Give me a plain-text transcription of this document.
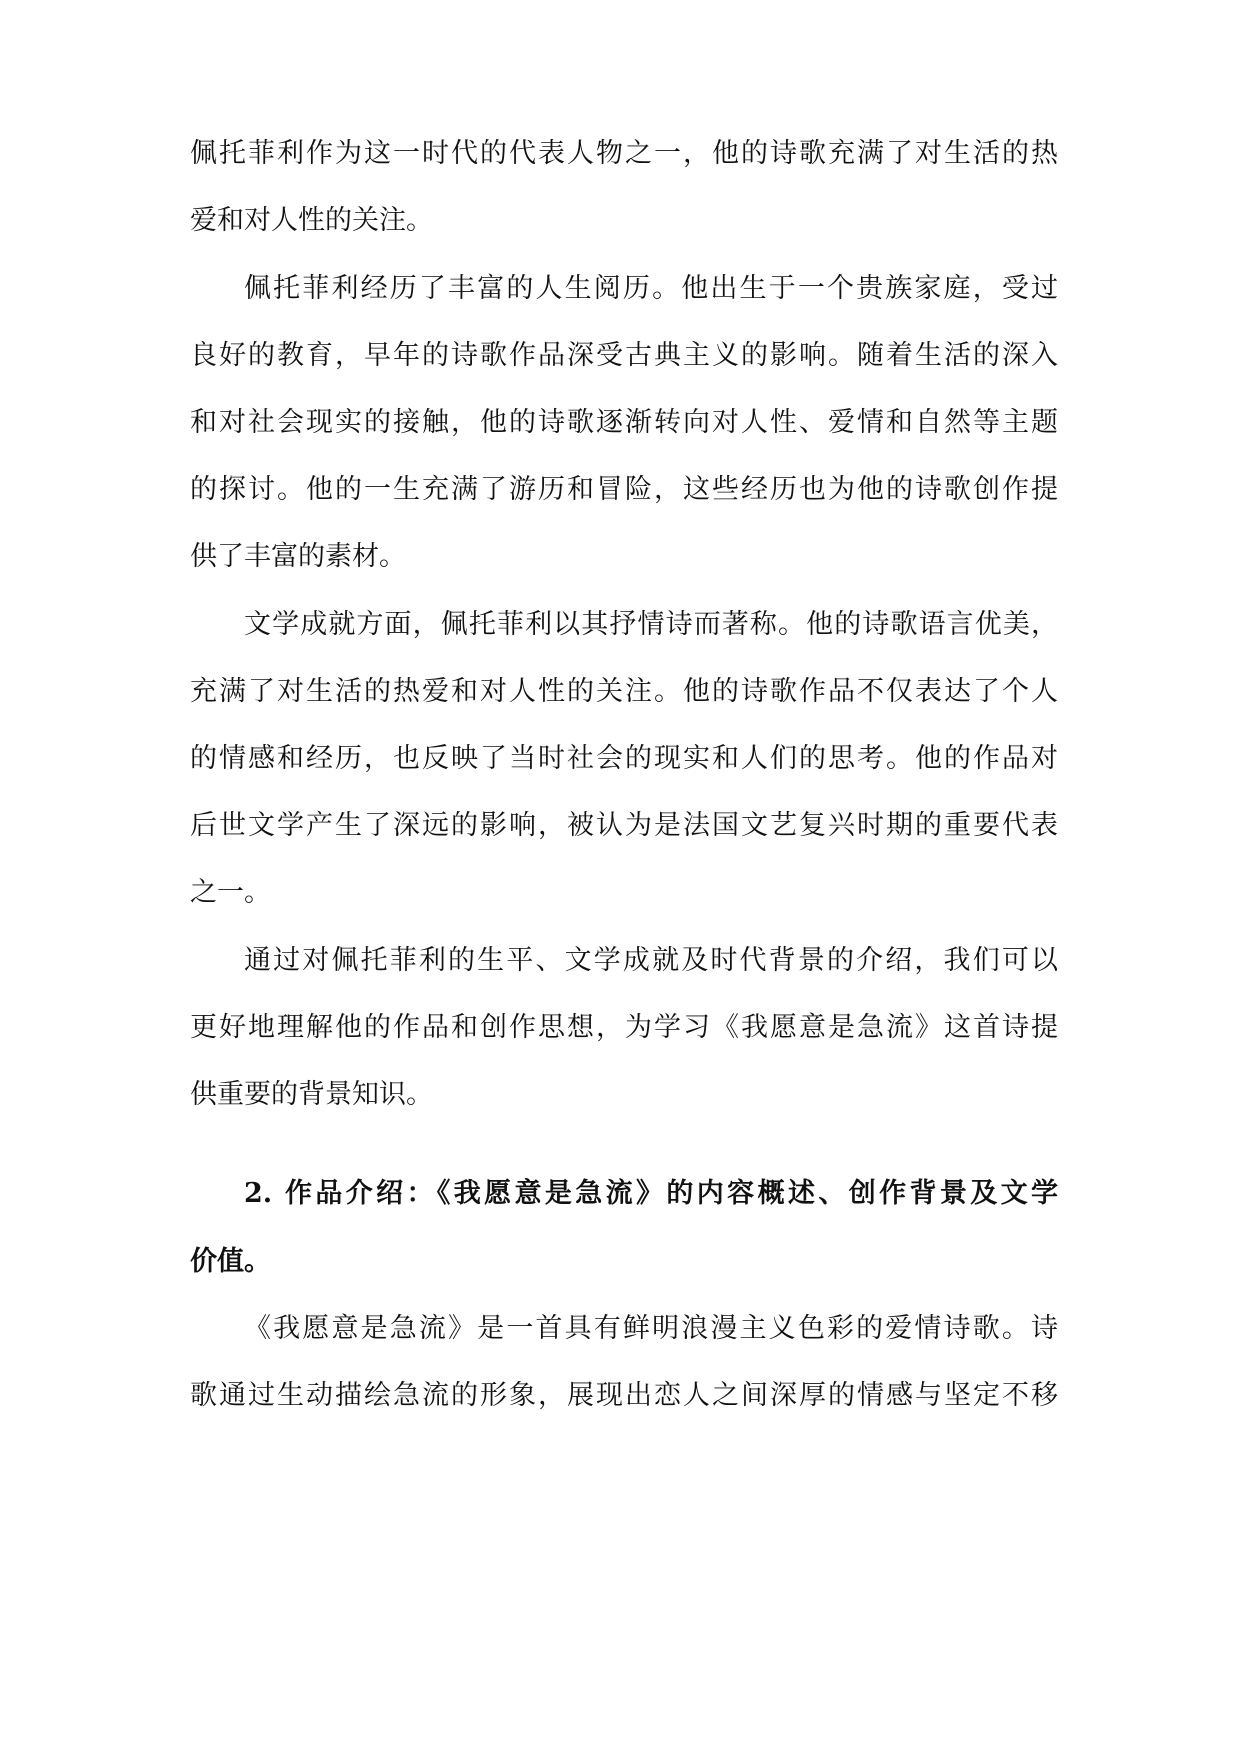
佩托菲利作为这一时代的代表人物之一，他的诗歌充满了对生活的热
爱和对人性的关注。
佩托菲利经历了丰富的人生阅历。他出生于一个贵族家庭，受过
良好的教育，早年的诗歌作品深受古典主义的影响。随着生活的深入
和对社会现实的接触，他的诗歌逐渐转向对人性、爱情和自然等主题
的探讨。他的一生充满了游历和冒险，这些经历也为他的诗歌创作提
供了丰富的素材。
文学成就方面，佩托菲利以其抒情诗而著称。他的诗歌语言优美，
充满了对生活的热爱和对人性的关注。他的诗歌作品不仅表达了个人
的情感和经历，也反映了当时社会的现实和人们的思考。他的作品对
后世文学产生了深远的影响，被认为是法国文艺复兴时期的重要代表
之一。
通过对佩托菲利的生平、文学成就及时代背景的介绍，我们可以
更好地理解他的作品和创作思想，为学习《我愿意是急流》这首诗提
供重要的背景知识。
2. 作品介绍：《我愿意是急流》的内容概述、创作背景及文学
价值。
《我愿意是急流》是一首具有鲜明浪漫主义色彩的爱情诗歌。诗
歌通过生动描绘急流的形象，展现出恋人之间深厚的情感与坚定不移
